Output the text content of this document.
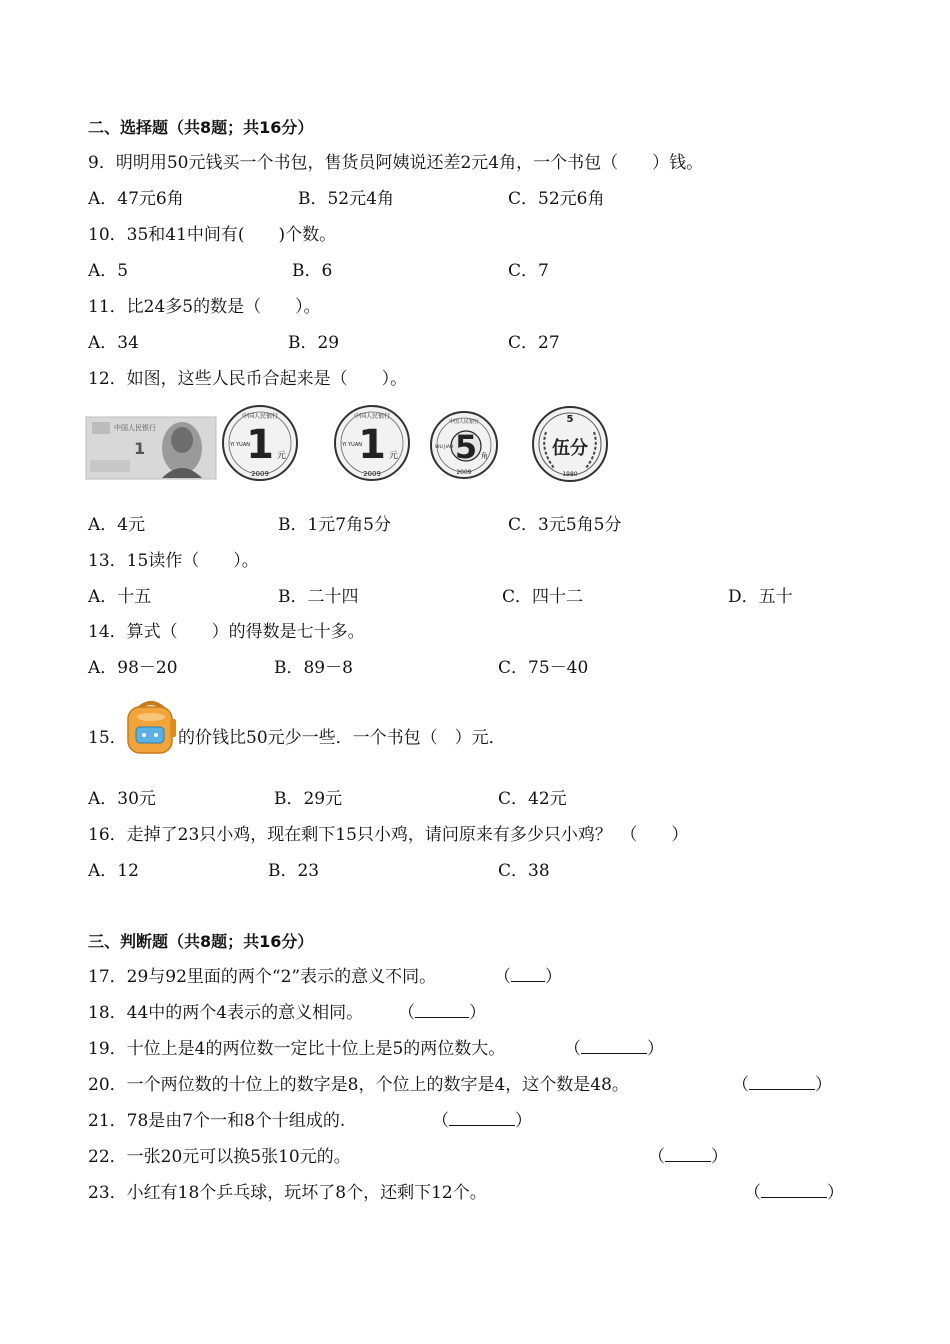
二、选择题（共8题；共16分）
9．明明用50元钱买一个书包，售货员阿姨说还差2元4角，一个书包（　　）钱。
A．47元6角	B．52元4角	C．52元6角
10．35和41中间有(　　)个数。
A．5	B．6	C．7
11．比24多5的数是（　　）。
A．34	B．29	C．27
12．如图，这些人民币合起来是（　　）。
中国人民银行
1
中国人民银行
1 元
2009
YI YUAN
中国人民银行
1 元
2009
YI YUAN
中国人民银行
5 角
2009
WU JIAO
5
伍分
1980
A．4元	B．1元7角5分	C．3元5角5分
13．15读作（　　）。
A．十五	B．二十四	C．四十二	D．五十
14．算式（　　）的得数是七十多。
A．98－20	B．89－8	C．75－40
15．	的价钱比50元少一些．一个书包（　）元．
A．30元	B．29元	C．42元
16．走掉了23只小鸡，现在剩下15只小鸡，请问原来有多少只小鸡？　（　　）
A．12	B．23	C．38
三、判断题（共8题；共16分）
17．29与92里面的两个“2”表示的意义不同。	（ ）
18．44中的两个4表示的意义相同。 （	）
19．十位上是4的两位数一定比十位上是5的两位数大。	（	）
20．一个两位数的十位上的数字是8，个位上的数字是4，这个数是48。	（	）
21．78是由7个一和8个十组成的.	（	）
22．一张20元可以换5张10元的。	（	）
23．小红有18个乒乓球，玩坏了8个，还剩下12个。	（	）
